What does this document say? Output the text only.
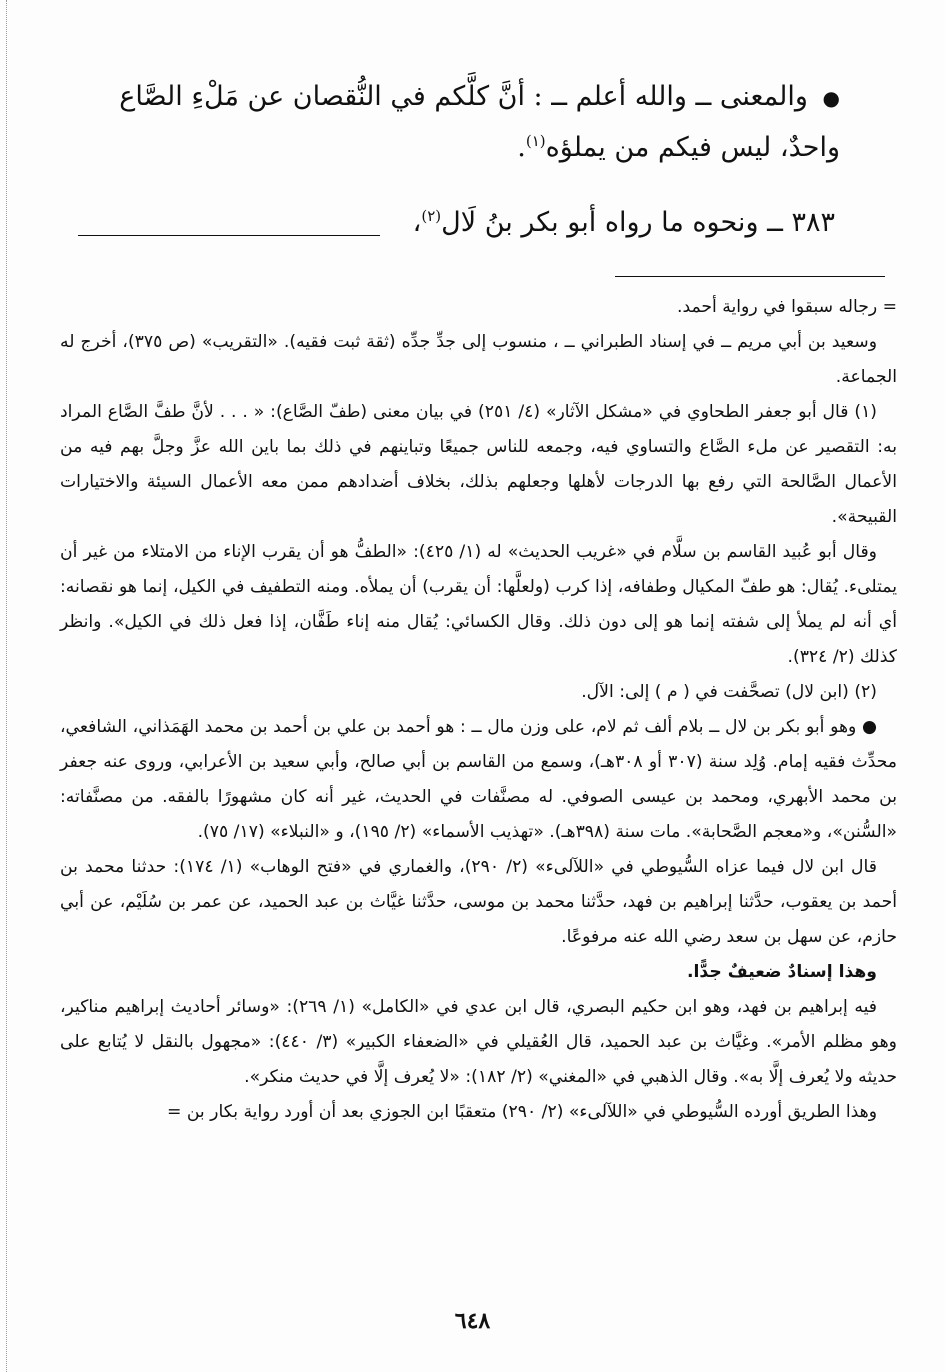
● والمعنى ــ والله أعلم ــ : أنَّ كلَّكم في النُّقصان عن مَلْءِ الصَّاع واحدٌ، ليس فيكم من يملؤه$^{(١)}$.

٣٨٣ ــ ونحوه ما رواه أبو بكر بنُ لَال$^{(٢)}$،

= رجاله سبقوا في رواية أحمد.

وسعيد بن أبي مريم ــ في إسناد الطبراني ــ ، منسوب إلى جدِّ جدِّه (ثقة ثبت فقيه). «التقريب» (ص ٣٧٥)، أخرج له الجماعة.

(١) قال أبو جعفر الطحاوي في «مشكل الآثار» (٤/ ٢٥١) في بيان معنى (طفّ الصَّاع): « . . . لأنَّ طفَّ الصَّاع المراد به: التقصير عن ملء الصَّاع والتساوي فيه، وجمعه للناس جميعًا وتباينهم في ذلك بما باين الله عزَّ وجلَّ بهم فيه من الأعمال الصَّالحة التي رفع بها الدرجات لأهلها وجعلهم بذلك، بخلاف أضدادهم ممن معه الأعمال السيئة والاختيارات القبيحة».

وقال أبو عُبيد القاسم بن سلَّام في «غريب الحديث» له (١/ ٤٢٥): «الطفُّ هو أن يقرب الإناء من الامتلاء من غير أن يمتلىء. يُقال: هو طفّ المكيال وطفافه، إذا كرب (ولعلَّها: أن يقرب) أن يملأه. ومنه التطفيف في الكيل، إنما هو نقصانه: أي أنه لم يملأ إلى شفته إنما هو إلى دون ذلك. وقال الكسائي: يُقال منه إناء طَفَّان، إذا فعل ذلك في الكيل». وانظر كذلك (٢/ ٣٢٤).

(٢) (ابن لال) تصحَّفت في ( م ) إلى: الآل.

● وهو أبو بكر بن لال ــ بلام ألف ثم لام، على وزن مال ــ : هو أحمد بن علي بن أحمد بن محمد الهَمَذاني، الشافعي، محدِّث فقيه إمام. وُلِد سنة (٣٠٧ أو ٣٠٨هـ)، وسمع من القاسم بن أبي صالح، وأبي سعيد بن الأعرابي، وروى عنه جعفر بن محمد الأبهري، ومحمد بن عيسى الصوفي. له مصنَّفات في الحديث، غير أنه كان مشهورًا بالفقه. من مصنَّفاته: «السُّنن»، و«معجم الصَّحابة». مات سنة (٣٩٨هـ). «تهذيب الأسماء» (٢/ ١٩٥)، و «النبلاء» (١٧/ ٧٥).

قال ابن لال فيما عزاه السُّيوطي في «اللآلىء» (٢/ ٢٩٠)، والغماري في «فتح الوهاب» (١/ ١٧٤): حدثنا محمد بن أحمد بن يعقوب، حدَّثنا إبراهيم بن فهد، حدَّثنا محمد بن موسى، حدَّثنا غيَّاث بن عبد الحميد، عن عمر بن سُلَيْم، عن أبي حازم، عن سهل بن سعد رضي الله عنه مرفوعًا.

وهذا إسنادٌ ضعيفٌ جدًّا.

فيه إبراهيم بن فهد، وهو ابن حكيم البصري، قال ابن عدي في «الكامل» (١/ ٢٦٩): «وسائر أحاديث إبراهيم مناكير، وهو مظلم الأمر». وغيَّاث بن عبد الحميد، قال العُقيلي في «الضعفاء الكبير» (٣/ ٤٤٠): «مجهول بالنقل لا يُتابع على حديثه ولا يُعرف إلَّا به». وقال الذهبي في «المغني» (٢/ ١٨٢): «لا يُعرف إلَّا في حديث منكر».

وهذا الطريق أورده السُّيوطي في «اللآلىء» (٢/ ٢٩٠) متعقبًا ابن الجوزي بعد أن أورد رواية بكار بن =

٦٤٨
